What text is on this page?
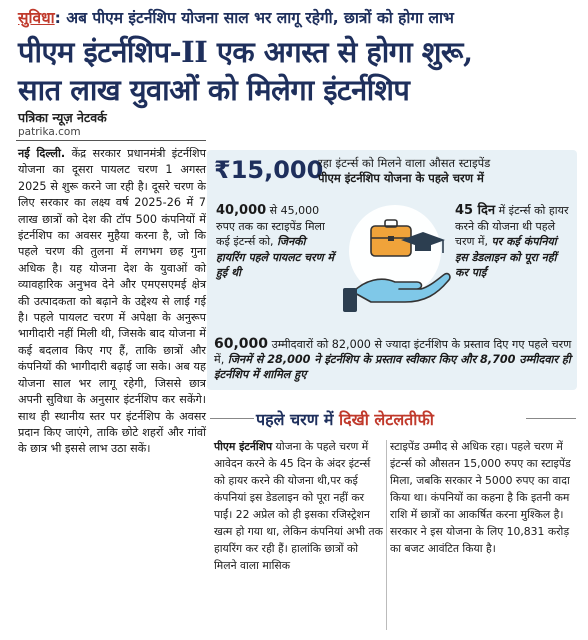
सुविधा: अब पीएम इंटर्नशिप योजना साल भर लागू रहेगी, छात्रों को होगा लाभ
पीएम इंटर्नशिप-II एक अगस्त से होगा शुरू,
सात लाख युवाओं को मिलेगा इंटर्नशिप
पत्रिका न्यूज़ नेटवर्क
patrika.com

नई दिल्ली. केंद्र सरकार प्रधानमंत्री इंटर्नशिप योजना का दूसरा पायलट चरण 1 अगस्त 2025 से शुरू करने जा रही है। दूसरे चरण के लिए सरकार का लक्ष्य वर्ष 2025-26 में 7 लाख छात्रों को देश की टॉप 500 कंपनियों में इंटर्नशिप का अवसर मुहैया करना है, जो कि पहले चरण की तुलना में लगभग छह गुना अधिक है। यह योजना देश के युवाओं को व्यावहारिक अनुभव देने और एमएसएमई क्षेत्र की उत्पादकता को बढ़ाने के उद्देश्य से लाई गई है। पहले पायलट चरण में अपेक्षा के अनुरूप भागीदारी नहीं मिली थी, जिसके बाद योजना में कई बदलाव किए गए हैं, ताकि छात्रों और कंपनियों की भागीदारी बढ़ाई जा सके। अब यह योजना साल भर लागू रहेगी, जिससे छात्र अपनी सुविधा के अनुसार इंटर्नशिप कर सकेंगे। साथ ही स्थानीय स्तर पर इंटर्नशिप के अवसर प्रदान किए जाएंगे, ताकि छोटे शहरों और गांवों के छात्र भी इससे लाभ उठा सकें।

₹15,000
रहा इंटर्न्स को मिलने वाला औसत स्टाइपेंड
पीएम इंटर्नशिप योजना के पहले चरण में
40,000 से 45,000 रुपए तक का स्टाइपेंड मिला कई इंटर्न्स को, जिनकी हायरिंग पहले पायलट चरण में हुई थी
45 दिन में इंटर्न्स को हायर करने की योजना थी पहले चरण में, पर कई कंपनियां इस डेडलाइन को पूरा नहीं कर पाईं
60,000 उम्मीदवारों को 82,000 से ज्यादा इंटर्नशिप के प्रस्ताव दिए गए पहले चरण में, जिनमें से 28,000 ने इंटर्नशिप के प्रस्ताव स्वीकार किए और 8,700 उम्मीदवार ही इंटर्नशिप में शामिल हुए
पहले चरण में दिखी लेटलतीफी
पीएम इंटर्नशिप योजना के पहले चरण में आवेदन करने के 45 दिन के अंदर इंटर्न्स को हायर करने की योजना थी,पर कई कंपनियां इस डेडलाइन को पूरा नहीं कर पाईं। 22 अप्रेल को ही इसका रजिस्ट्रेशन खत्म हो गया था, लेकिन कंपनियां अभी तक हायरिंग कर रही हैं। हालांकि छात्रों को मिलने वाला मासिक
स्टाइपेंड उम्मीद से अधिक रहा। पहले चरण में इंटर्न्स को औसतन 15,000 रुपए का स्टाइपेंड मिला, जबकि सरकार ने 5000 रुपए का वादा किया था। कंपनियों का कहना है कि इतनी कम राशि में छात्रों का आकर्षित करना मुश्किल है। सरकार ने इस योजना के लिए 10,831 करोड़ का बजट आवंटित किया है।
